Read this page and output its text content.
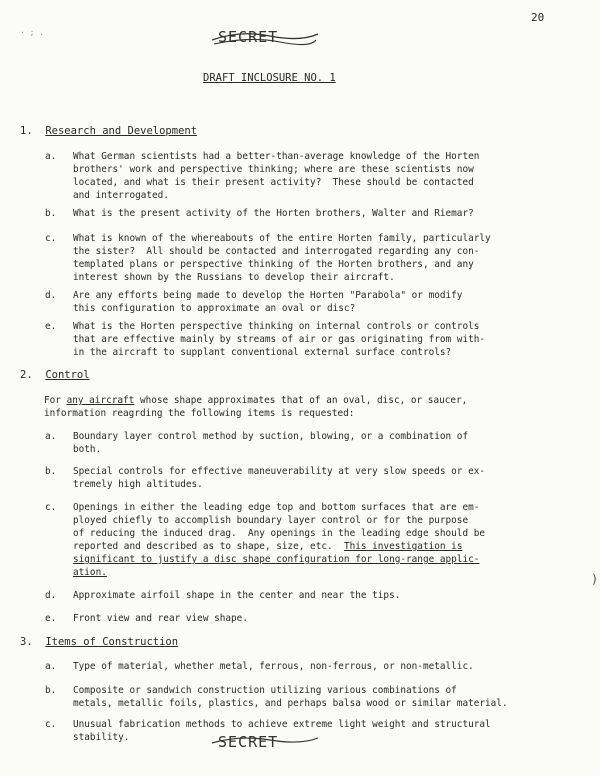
· ; .
20
SECRET
DRAFT INCLOSURE NO. 1
1. Research and Development
a. What German scientists had a better-than-average knowledge of the Horten
brothers' work and perspective thinking; where are these scientists now
located, and what is their present activity?  These should be contacted
and interrogated.
b. What is the present activity of the Horten brothers, Walter and Riemar?
c. What is known of the whereabouts of the entire Horten family, particularly
the sister?  All should be contacted and interrogated regarding any con-
templated plans or perspective thinking of the Horten brothers, and any
interest shown by the Russians to develop their aircraft.
d. Are any efforts being made to develop the Horten "Parabola" or modify
this configuration to approximate an oval or disc?
e. What is the Horten perspective thinking on internal controls or controls
that are effective mainly by streams of air or gas originating from with-
in the aircraft to supplant conventional external surface controls?
2. Control
For any aircraft whose shape approximates that of an oval, disc, or saucer,
information reagrding the following items is requested:
a. Boundary layer control method by suction, blowing, or a combination of
both.
b. Special controls for effective maneuverability at very slow speeds or ex-
tremely high altitudes.
c. Openings in either the leading edge top and bottom surfaces that are em-
ployed chiefly to accomplish boundary layer control or for the purpose
of reducing the induced drag.  Any openings in the leading edge should be
reported and described as to shape, size, etc.  This investigation is
significant to justify a disc shape configuration for long-range applic-
ation.
d. Approximate airfoil shape in the center and near the tips.
e. Front view and rear view shape.
3. Items of Construction
a. Type of material, whether metal, ferrous, non-ferrous, or non-metallic.
b. Composite or sandwich construction utilizing various combinations of
metals, metallic foils, plastics, and perhaps balsa wood or similar material.
c. Unusual fabrication methods to achieve extreme light weight and structural
stability.	SECRET
)
